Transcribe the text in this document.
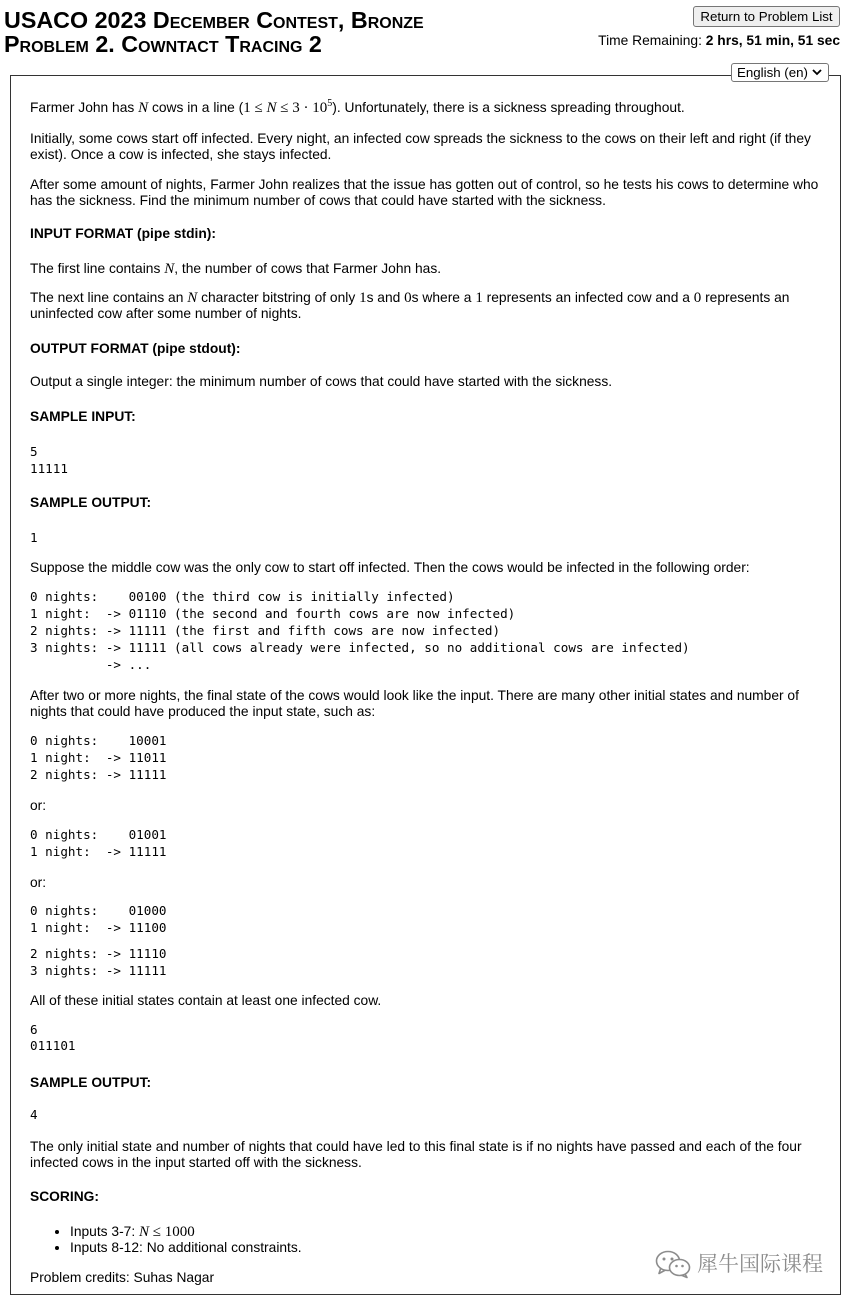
USACO 2023 December Contest, Bronze
Problem 2. Cowntact Tracing 2
Return to Problem List
Time Remaining: 2 hrs, 51 min, 51 sec
English (en)

Farmer John has N cows in a line $(1 \le N \le 3 \cdot 10^5)$. Unfortunately, there is a sickness spreading throughout.

Initially, some cows start off infected. Every night, an infected cow spreads the sickness to the cows on their left and right (if they exist). Once a cow is infected, she stays infected.

After some amount of nights, Farmer John realizes that the issue has gotten out of control, so he tests his cows to determine who has the sickness. Find the minimum number of cows that could have started with the sickness.

INPUT FORMAT (pipe stdin):

The first line contains N, the number of cows that Farmer John has.

The next line contains an N character bitstring of only 1s and 0s where a 1 represents an infected cow and a 0 represents an uninfected cow after some number of nights.

OUTPUT FORMAT (pipe stdout):

Output a single integer: the minimum number of cows that could have started with the sickness.

SAMPLE INPUT:

5
11111

SAMPLE OUTPUT:

1

Suppose the middle cow was the only cow to start off infected. Then the cows would be infected in the following order:

0 nights:    00100 (the third cow is initially infected)
1 night:  -> 01110 (the second and fourth cows are now infected)
2 nights: -> 11111 (the first and fifth cows are now infected)
3 nights: -> 11111 (all cows already were infected, so no additional cows are infected)
-> ...

After two or more nights, the final state of the cows would look like the input. There are many other initial states and number of nights that could have produced the input state, such as:

0 nights:    10001
1 night:  -> 11011
2 nights: -> 11111

or:

0 nights:    01001
1 night:  -> 11111

or:

0 nights:    01000
1 night:  -> 11100
2 nights: -> 11110
3 nights: -> 11111

All of these initial states contain at least one infected cow.

6
011101

SAMPLE OUTPUT:

4

The only initial state and number of nights that could have led to this final state is if no nights have passed and each of the four infected cows in the input started off with the sickness.

SCORING:

• Inputs 3-7: N ≤ 1000
• Inputs 8-12: No additional constraints.

Problem credits: Suhas Nagar

犀牛国际课程
